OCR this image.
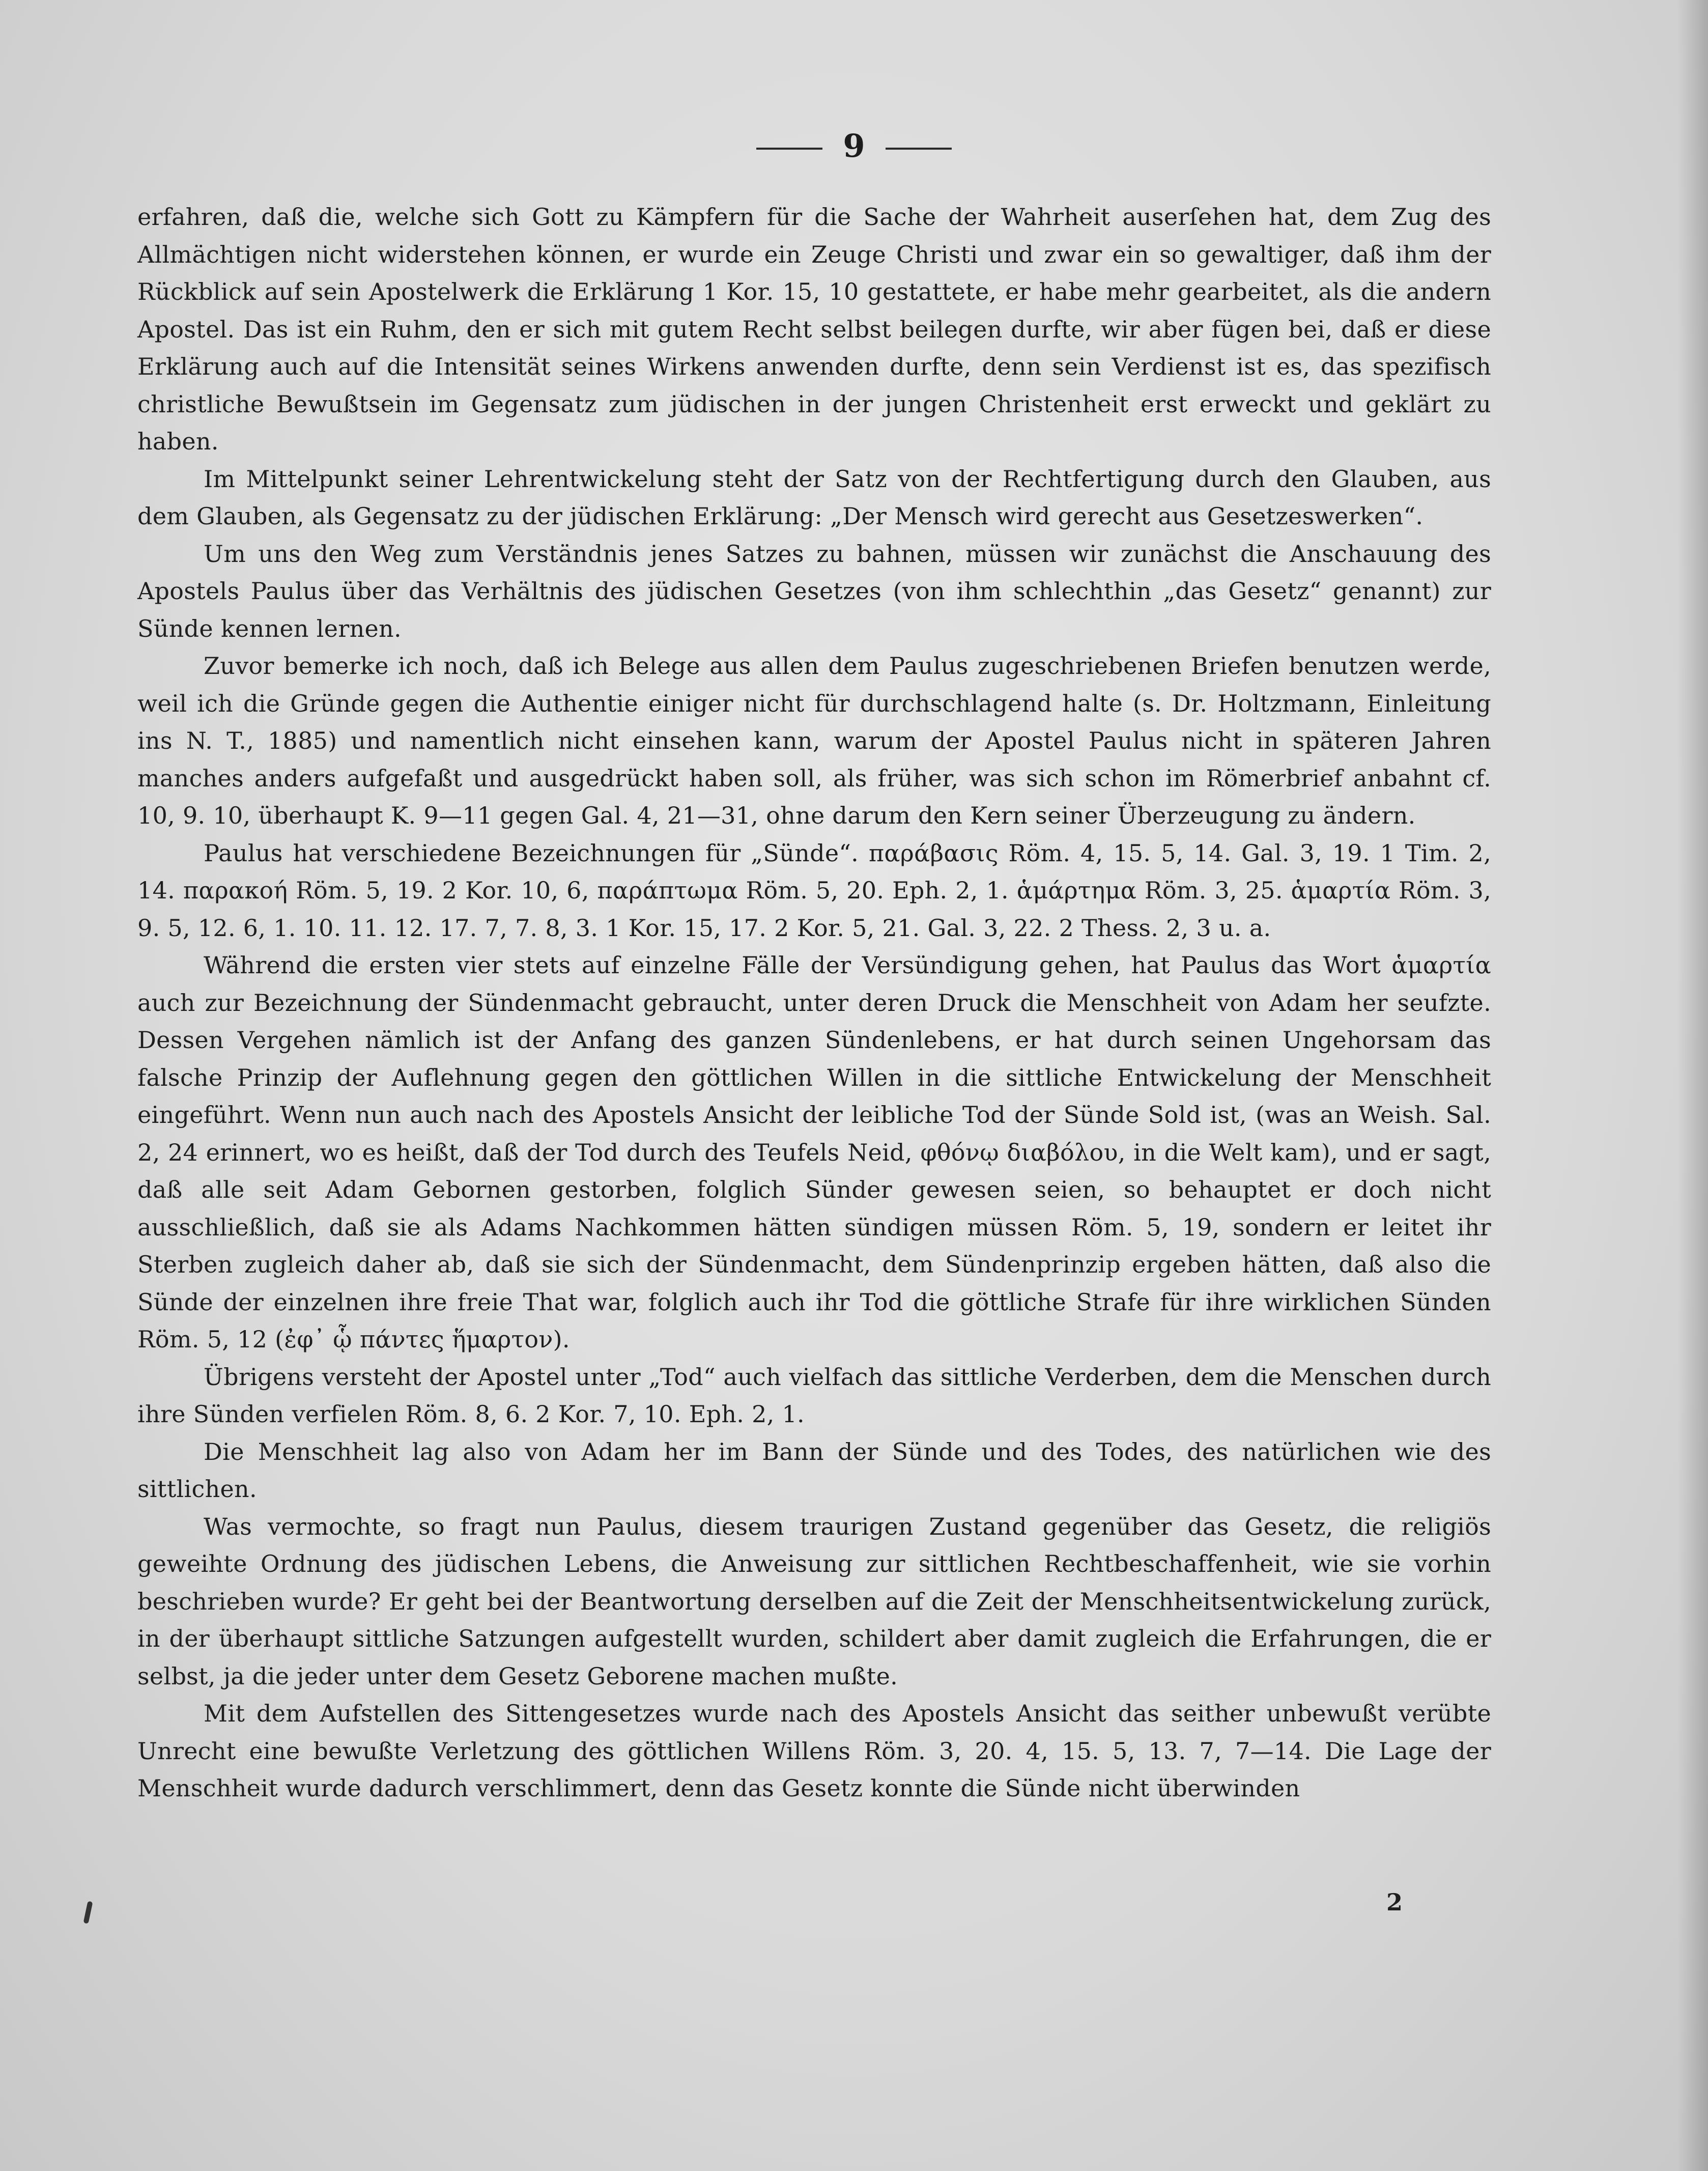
9

erfahren, daß die, welche sich Gott zu Kämpfern für die Sache der Wahrheit auserſehen hat, dem Zug des Allmächtigen nicht widerstehen können, er wurde ein Zeuge Christi und zwar ein so gewaltiger, daß ihm der Rückblick auf sein Apostelwerk die Erklärung 1 Kor. 15, 10 gestattete, er habe mehr gearbeitet, als die andern Apostel. Das ist ein Ruhm, den er sich mit gutem Recht selbst beilegen durfte, wir aber fügen bei, daß er diese Erklärung auch auf die Intensität seines Wirkens anwenden durfte, denn sein Verdienst ist es, das spezifisch christliche Bewußtsein im Gegensatz zum jüdischen in der jungen Christenheit erst erweckt und geklärt zu haben.

Im Mittelpunkt seiner Lehrentwickelung steht der Satz von der Rechtfertigung durch den Glauben, aus dem Glauben, als Gegensatz zu der jüdischen Erklärung: „Der Mensch wird gerecht aus Gesetzeswerken“.

Um uns den Weg zum Verständnis jenes Satzes zu bahnen, müssen wir zunächst die Anschauung des Apostels Paulus über das Verhältnis des jüdischen Gesetzes (von ihm schlechthin „das Gesetz“ genannt) zur Sünde kennen lernen.

Zuvor bemerke ich noch, daß ich Belege aus allen dem Paulus zugeschriebenen Briefen benutzen werde, weil ich die Gründe gegen die Authentie einiger nicht für durchschlagend halte (s. Dr. Holtzmann, Einleitung ins N. T., 1885) und namentlich nicht einsehen kann, warum der Apostel Paulus nicht in späteren Jahren manches anders aufgefaßt und ausgedrückt haben soll, als früher, was sich schon im Römerbrief anbahnt cf. 10, 9. 10, überhaupt K. 9—11 gegen Gal. 4, 21—31, ohne darum den Kern seiner Überzeugung zu ändern.

Paulus hat verschiedene Bezeichnungen für „Sünde“. παράβασις Röm. 4, 15. 5, 14. Gal. 3, 19. 1 Tim. 2, 14. παρακοή Röm. 5, 19. 2 Kor. 10, 6, παράπτωμα Röm. 5, 20. Eph. 2, 1. ἁμάρτημα Röm. 3, 25. ἁμαρτία Röm. 3, 9. 5, 12. 6, 1. 10. 11. 12. 17. 7, 7. 8, 3. 1 Kor. 15, 17. 2 Kor. 5, 21. Gal. 3, 22. 2 Thess. 2, 3 u. a.

Während die ersten vier stets auf einzelne Fälle der Versündigung gehen, hat Paulus das Wort ἁμαρτία auch zur Bezeichnung der Sündenmacht gebraucht, unter deren Druck die Menschheit von Adam her seufzte. Dessen Vergehen nämlich ist der Anfang des ganzen Sündenlebens, er hat durch seinen Ungehorsam das falsche Prinzip der Auflehnung gegen den göttlichen Willen in die sittliche Entwickelung der Menschheit eingeführt. Wenn nun auch nach des Apostels Ansicht der leibliche Tod der Sünde Sold ist, (was an Weish. Sal. 2, 24 erinnert, wo es heißt, daß der Tod durch des Teufels Neid, φθόνῳ διαβόλου, in die Welt kam), und er sagt, daß alle seit Adam Gebornen gestorben, folglich Sünder gewesen seien, so behauptet er doch nicht ausschließlich, daß sie als Adams Nachkommen hätten sündigen müssen Röm. 5, 19, sondern er leitet ihr Sterben zugleich daher ab, daß sie sich der Sündenmacht, dem Sündenprinzip ergeben hätten, daß also die Sünde der einzelnen ihre freie That war, folglich auch ihr Tod die göttliche Strafe für ihre wirklichen Sünden Röm. 5, 12 (ἐφ᾽ ᾧ πάντες ἥμαρτον).

Übrigens versteht der Apostel unter „Tod“ auch vielfach das sittliche Verderben, dem die Menschen durch ihre Sünden verfielen Röm. 8, 6. 2 Kor. 7, 10. Eph. 2, 1.

Die Menschheit lag also von Adam her im Bann der Sünde und des Todes, des natürlichen wie des sittlichen.

Was vermochte, so fragt nun Paulus, diesem traurigen Zustand gegenüber das Gesetz, die religiös geweihte Ordnung des jüdischen Lebens, die Anweisung zur sittlichen Rechtbeschaffenheit, wie sie vorhin beschrieben wurde? Er geht bei der Beantwortung derselben auf die Zeit der Menschheitsentwickelung zurück, in der überhaupt sittliche Satzungen aufgestellt wurden, schildert aber damit zugleich die Erfahrungen, die er selbst, ja die jeder unter dem Gesetz Geborene machen mußte.

Mit dem Aufstellen des Sittengesetzes wurde nach des Apostels Ansicht das seither unbewußt verübte Unrecht eine bewußte Verletzung des göttlichen Willens Röm. 3, 20. 4, 15. 5, 13. 7, 7—14. Die Lage der Menschheit wurde dadurch verschlimmert, denn das Gesetz konnte die Sünde nicht überwinden

2
